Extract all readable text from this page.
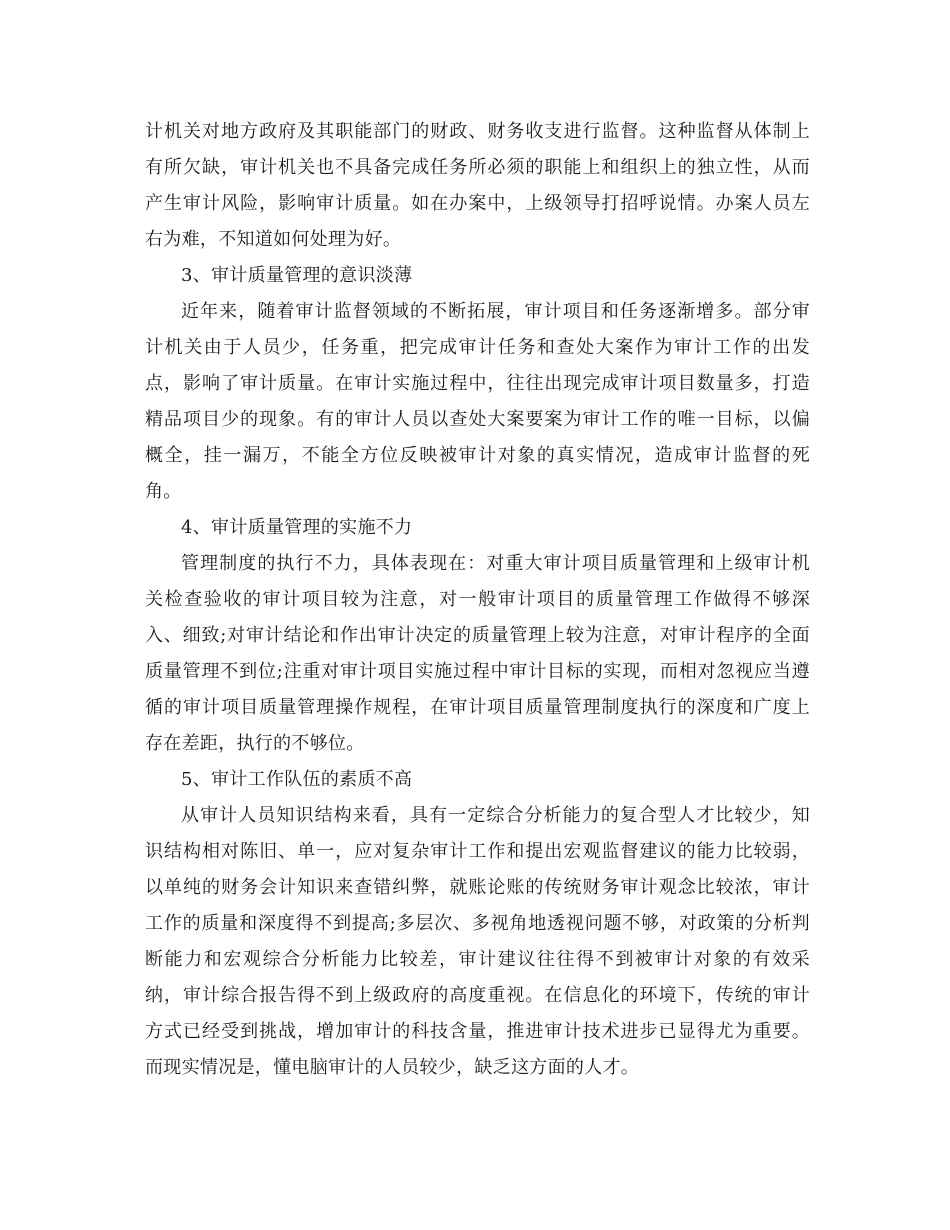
计机关对地方政府及其职能部门的财政、财务收支进行监督。这种监督从体制上
有所欠缺，审计机关也不具备完成任务所必须的职能上和组织上的独立性，从而
产生审计风险，影响审计质量。如在办案中，上级领导打招呼说情。办案人员左
右为难，不知道如何处理为好。
3、审计质量管理的意识淡薄
近年来，随着审计监督领域的不断拓展，审计项目和任务逐渐增多。部分审
计机关由于人员少，任务重，把完成审计任务和查处大案作为审计工作的出发
点，影响了审计质量。在审计实施过程中，往往出现完成审计项目数量多，打造
精品项目少的现象。有的审计人员以查处大案要案为审计工作的唯一目标，以偏
概全，挂一漏万，不能全方位反映被审计对象的真实情况，造成审计监督的死
角。
4、审计质量管理的实施不力
管理制度的执行不力，具体表现在：对重大审计项目质量管理和上级审计机
关检查验收的审计项目较为注意，对一般审计项目的质量管理工作做得不够深
入、细致;对审计结论和作出审计决定的质量管理上较为注意，对审计程序的全面
质量管理不到位;注重对审计项目实施过程中审计目标的实现，而相对忽视应当遵
循的审计项目质量管理操作规程，在审计项目质量管理制度执行的深度和广度上
存在差距，执行的不够位。
5、审计工作队伍的素质不高
从审计人员知识结构来看，具有一定综合分析能力的复合型人才比较少，知
识结构相对陈旧、单一，应对复杂审计工作和提出宏观监督建议的能力比较弱，
以单纯的财务会计知识来查错纠弊，就账论账的传统财务审计观念比较浓，审计
工作的质量和深度得不到提高;多层次、多视角地透视问题不够，对政策的分析判
断能力和宏观综合分析能力比较差，审计建议往往得不到被审计对象的有效采
纳，审计综合报告得不到上级政府的高度重视。在信息化的环境下，传统的审计
方式已经受到挑战，增加审计的科技含量，推进审计技术进步已显得尤为重要。
而现实情况是，懂电脑审计的人员较少，缺乏这方面的人才。
